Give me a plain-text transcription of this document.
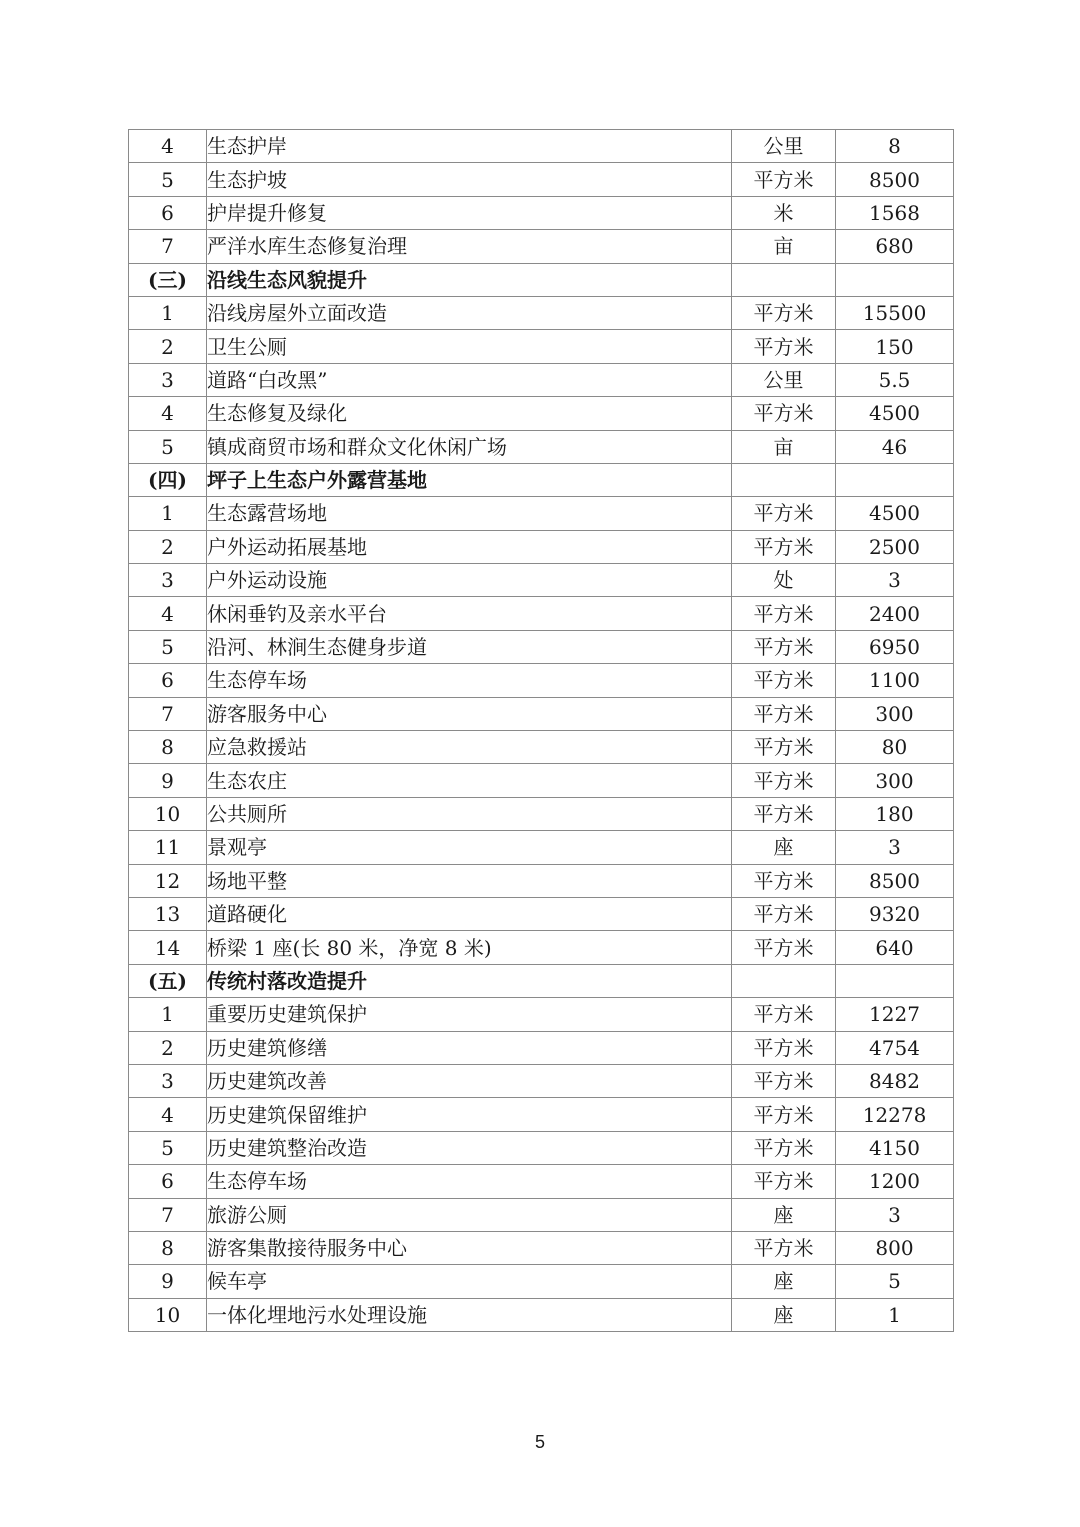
4	生态护岸	公里	8
5	生态护坡	平方米	8500
6	护岸提升修复	米	1568
7	严洋水库生态修复治理	亩	680
(三)	沿线生态风貌提升		
1	沿线房屋外立面改造	平方米	15500
2	卫生公厕	平方米	150
3	道路“白改黑”	公里	5.5
4	生态修复及绿化	平方米	4500
5	镇成商贸市场和群众文化休闲广场	亩	46
(四)	坪子上生态户外露营基地		
1	生态露营场地	平方米	4500
2	户外运动拓展基地	平方米	2500
3	户外运动设施	处	3
4	休闲垂钓及亲水平台	平方米	2400
5	沿河、林涧生态健身步道	平方米	6950
6	生态停车场	平方米	1100
7	游客服务中心	平方米	300
8	应急救援站	平方米	80
9	生态农庄	平方米	300
10	公共厕所	平方米	180
11	景观亭	座	3
12	场地平整	平方米	8500
13	道路硬化	平方米	9320
14	桥梁 1 座(长 80 米，净宽 8 米)	平方米	640
(五)	传统村落改造提升		
1	重要历史建筑保护	平方米	1227
2	历史建筑修缮	平方米	4754
3	历史建筑改善	平方米	8482
4	历史建筑保留维护	平方米	12278
5	历史建筑整治改造	平方米	4150
6	生态停车场	平方米	1200
7	旅游公厕	座	3
8	游客集散接待服务中心	平方米	800
9	候车亭	座	5
10	一体化埋地污水处理设施	座	1
5
